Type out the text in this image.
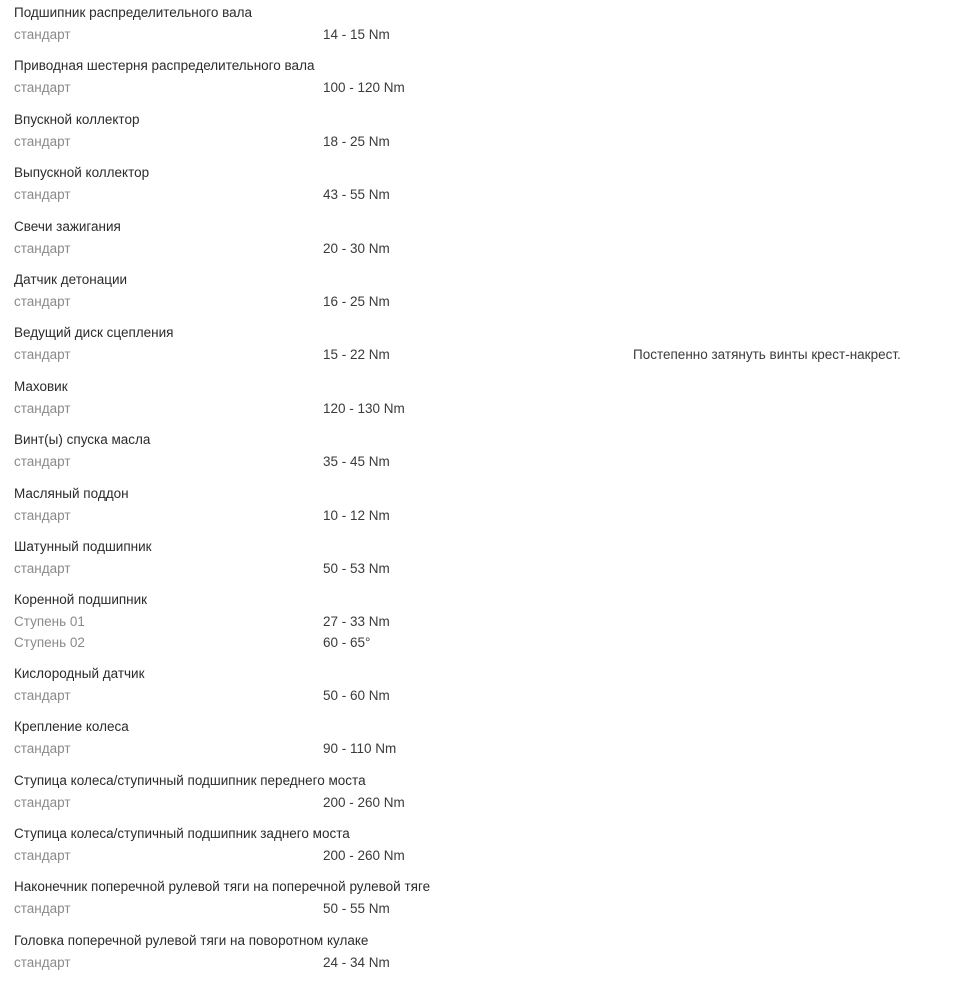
Подшипник распределительного вала
стандарт	14 - 15 Nm
Приводная шестерня распределительного вала
стандарт	100 - 120 Nm
Впускной коллектор
стандарт	18 - 25 Nm
Выпускной коллектор
стандарт	43 - 55 Nm
Свечи зажигания
стандарт	20 - 30 Nm
Датчик детонации
стандарт	16 - 25 Nm
Ведущий диск сцепления
стандарт	15 - 22 Nm	Постепенно затянуть винты крест-накрест.
Маховик
стандарт	120 - 130 Nm
Винт(ы) спуска масла
стандарт	35 - 45 Nm
Масляный поддон
стандарт	10 - 12 Nm
Шатунный подшипник
стандарт	50 - 53 Nm
Коренной подшипник
Ступень 01	27 - 33 Nm
Ступень 02	60 - 65°
Кислородный датчик
стандарт	50 - 60 Nm
Крепление колеса
стандарт	90 - 110 Nm
Ступица колеса/ступичный подшипник переднего моста
стандарт	200 - 260 Nm
Ступица колеса/ступичный подшипник заднего моста
стандарт	200 - 260 Nm
Наконечник поперечной рулевой тяги на поперечной рулевой тяге
стандарт	50 - 55 Nm
Головка поперечной рулевой тяги на поворотном кулаке
стандарт	24 - 34 Nm
